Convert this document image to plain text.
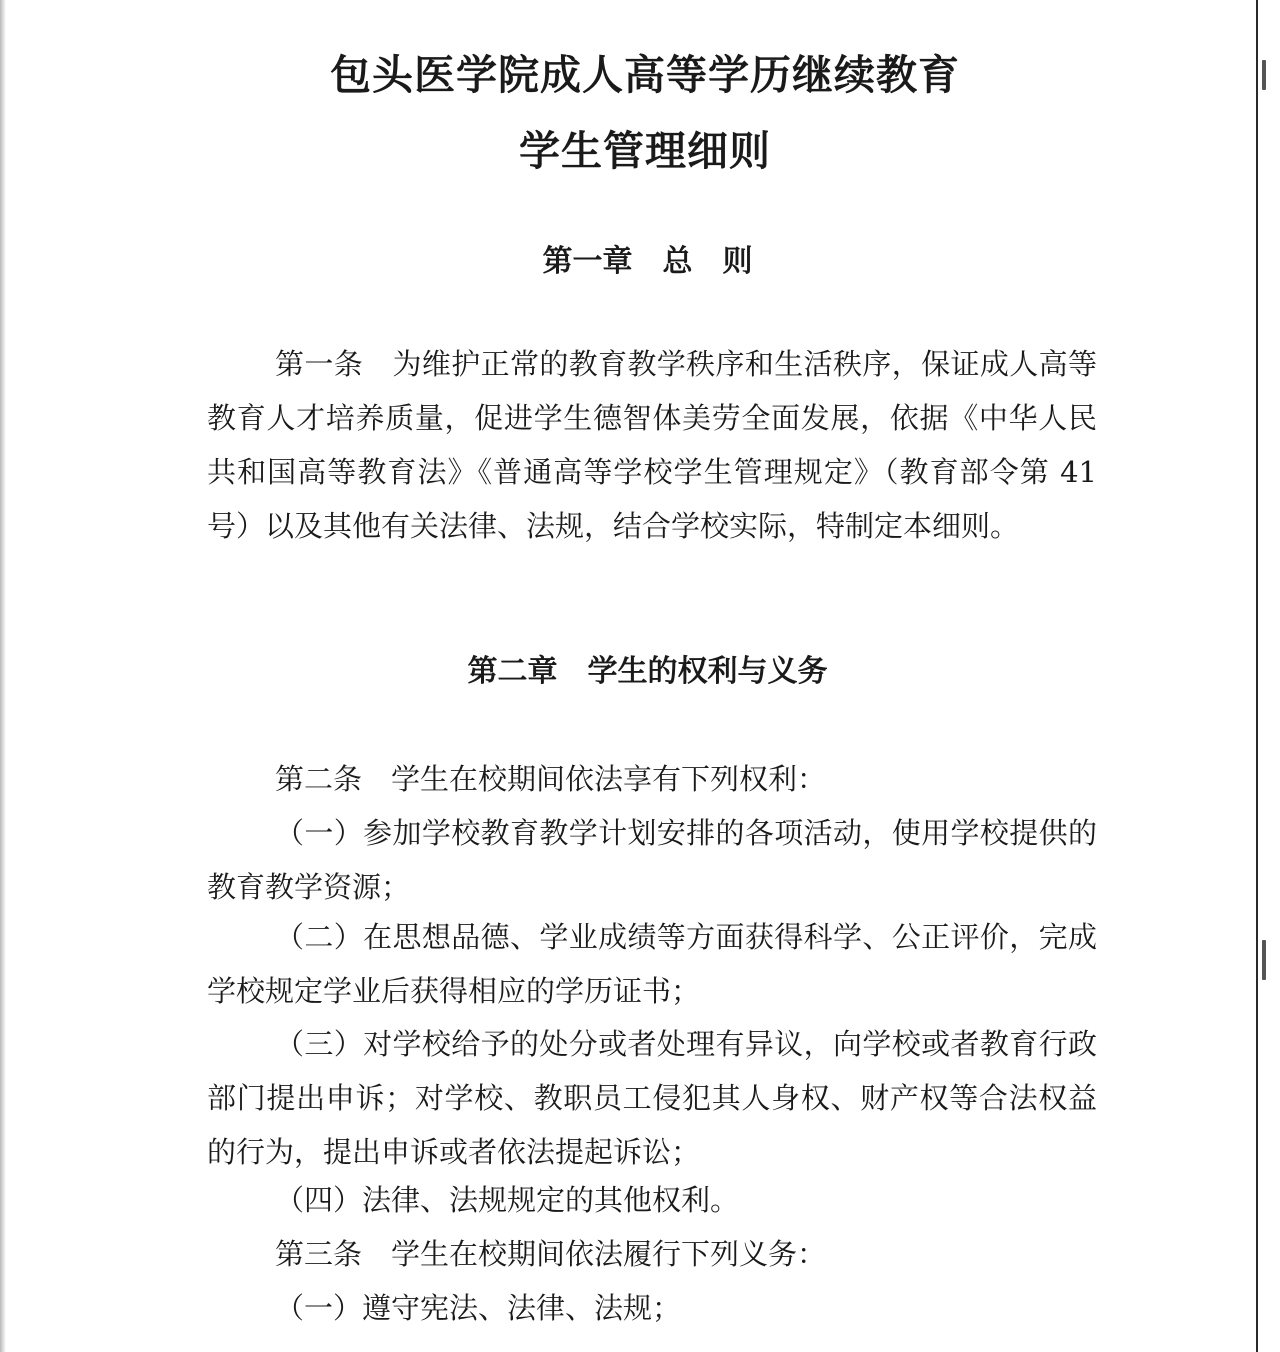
包头医学院成人高等学历继续教育
学生管理细则
第一章　总　则

第一条　为维护正常的教育教学秩序和生活秩序，保证成人高等教育人才培养质量，促进学生德智体美劳全面发展，依据《中华人民共和国高等教育法》《普通高等学校学生管理规定》（教育部令第 41 号）以及其他有关法律、法规，结合学校实际，特制定本细则。

第二章　学生的权利与义务

第二条　学生在校期间依法享有下列权利：

（一）参加学校教育教学计划安排的各项活动，使用学校提供的教育教学资源；

（二）在思想品德、学业成绩等方面获得科学、公正评价，完成学校规定学业后获得相应的学历证书；

（三）对学校给予的处分或者处理有异议，向学校或者教育行政部门提出申诉；对学校、教职员工侵犯其人身权、财产权等合法权益的行为，提出申诉或者依法提起诉讼；

（四）法律、法规规定的其他权利。

第三条　学生在校期间依法履行下列义务：

（一）遵守宪法、法律、法规；
